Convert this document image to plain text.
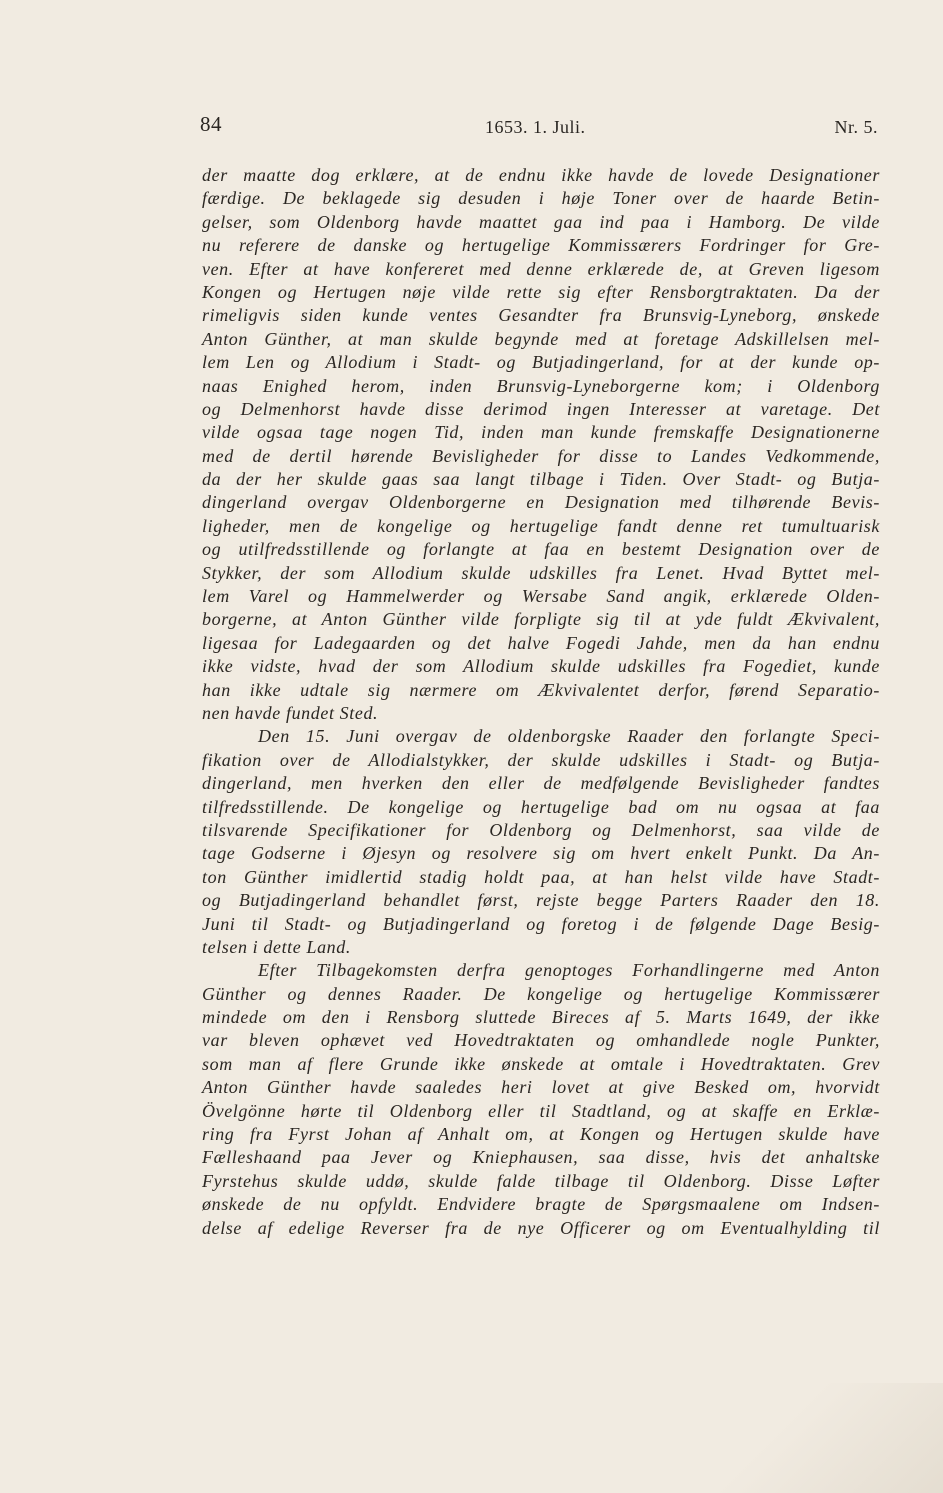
84	1653. 1. Juli.	Nr. 5.
der maatte dog erklære, at de endnu ikke havde de lovede Designationer
færdige. De beklagede sig desuden i høje Toner over de haarde Betin-
gelser, som Oldenborg havde maattet gaa ind paa i Hamborg. De vilde
nu referere de danske og hertugelige Kommissærers Fordringer for Gre-
ven. Efter at have konfereret med denne erklærede de, at Greven ligesom
Kongen og Hertugen nøje vilde rette sig efter Rensborgtraktaten. Da der
rimeligvis siden kunde ventes Gesandter fra Brunsvig-Lyneborg, ønskede
Anton Günther, at man skulde begynde med at foretage Adskillelsen mel-
lem Len og Allodium i Stadt- og Butjadingerland, for at der kunde op-
naas Enighed herom, inden Brunsvig-Lyneborgerne kom; i Oldenborg
og Delmenhorst havde disse derimod ingen Interesser at varetage. Det
vilde ogsaa tage nogen Tid, inden man kunde fremskaffe Designationerne
med de dertil hørende Bevisligheder for disse to Landes Vedkommende,
da der her skulde gaas saa langt tilbage i Tiden. Over Stadt- og Butja-
dingerland overgav Oldenborgerne en Designation med tilhørende Bevis-
ligheder, men de kongelige og hertugelige fandt denne ret tumultuarisk
og utilfredsstillende og forlangte at faa en bestemt Designation over de
Stykker, der som Allodium skulde udskilles fra Lenet. Hvad Byttet mel-
lem Varel og Hammelwerder og Wersabe Sand angik, erklærede Olden-
borgerne, at Anton Günther vilde forpligte sig til at yde fuldt Ækvivalent,
ligesaa for Ladegaarden og det halve Fogedi Jahde, men da han endnu
ikke vidste, hvad der som Allodium skulde udskilles fra Fogediet, kunde
han ikke udtale sig nærmere om Ækvivalentet derfor, førend Separatio-
nen havde fundet Sted.
Den 15. Juni overgav de oldenborgske Raader den forlangte Speci-
fikation over de Allodialstykker, der skulde udskilles i Stadt- og Butja-
dingerland, men hverken den eller de medfølgende Bevisligheder fandtes
tilfredsstillende. De kongelige og hertugelige bad om nu ogsaa at faa
tilsvarende Specifikationer for Oldenborg og Delmenhorst, saa vilde de
tage Godserne i Øjesyn og resolvere sig om hvert enkelt Punkt. Da An-
ton Günther imidlertid stadig holdt paa, at han helst vilde have Stadt-
og Butjadingerland behandlet først, rejste begge Parters Raader den 18.
Juni til Stadt- og Butjadingerland og foretog i de følgende Dage Besig-
telsen i dette Land.
Efter Tilbagekomsten derfra genoptoges Forhandlingerne med Anton
Günther og dennes Raader. De kongelige og hertugelige Kommissærer
mindede om den i Rensborg sluttede Bireces af 5. Marts 1649, der ikke
var bleven ophævet ved Hovedtraktaten og omhandlede nogle Punkter,
som man af flere Grunde ikke ønskede at omtale i Hovedtraktaten. Grev
Anton Günther havde saaledes heri lovet at give Besked om, hvorvidt
Övelgönne hørte til Oldenborg eller til Stadtland, og at skaffe en Erklæ-
ring fra Fyrst Johan af Anhalt om, at Kongen og Hertugen skulde have
Fælleshaand paa Jever og Kniephausen, saa disse, hvis det anhaltske
Fyrstehus skulde uddø, skulde falde tilbage til Oldenborg. Disse Løfter
ønskede de nu opfyldt. Endvidere bragte de Spørgsmaalene om Indsen-
delse af edelige Reverser fra de nye Officerer og om Eventualhylding til
